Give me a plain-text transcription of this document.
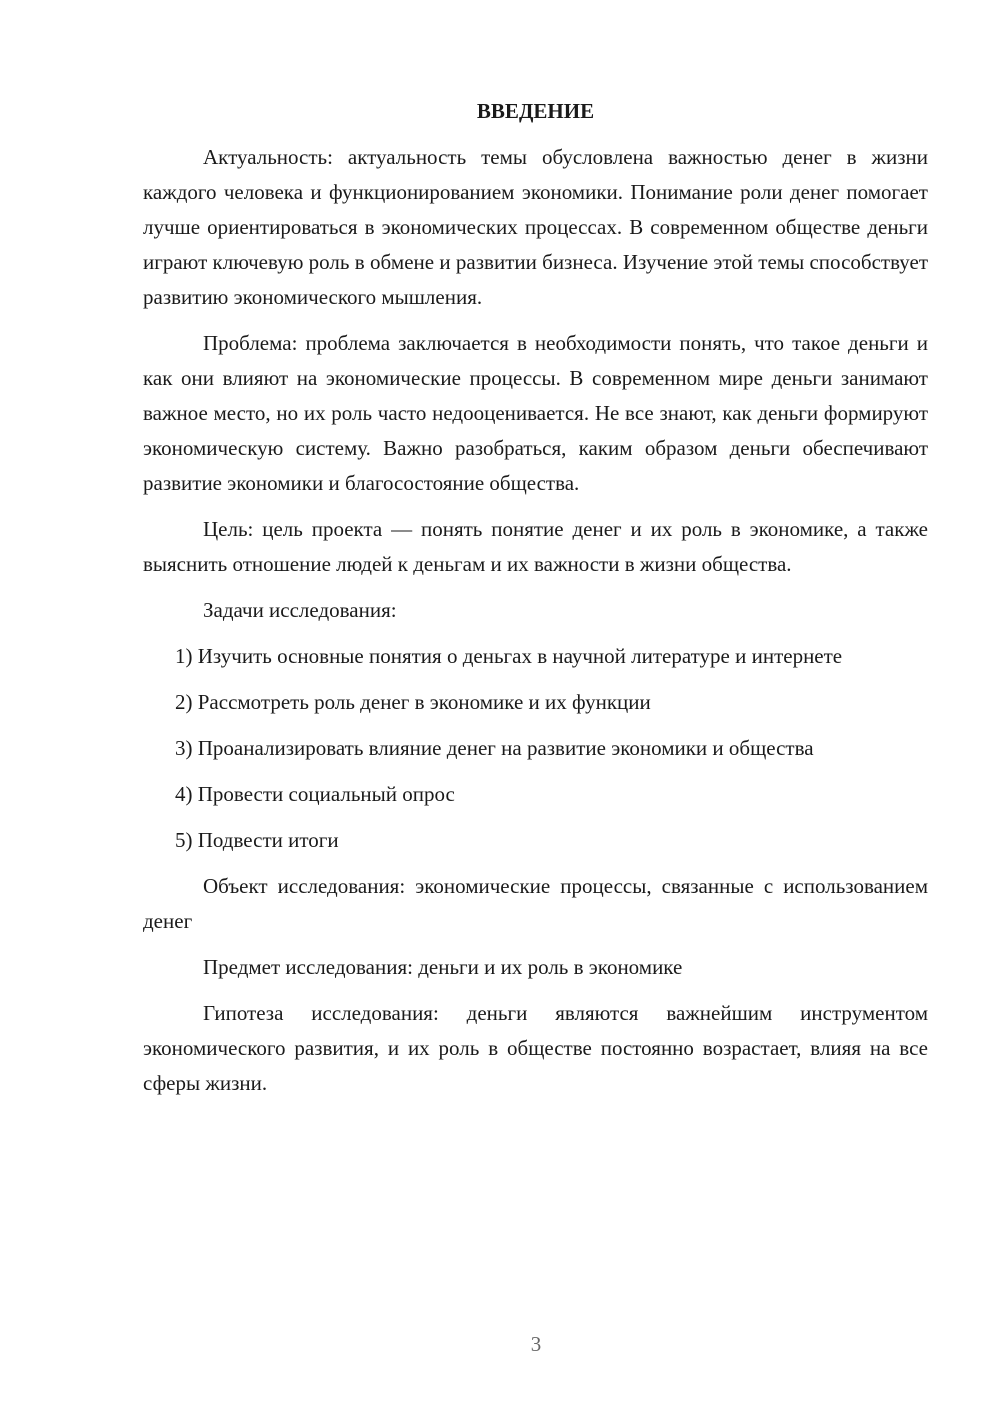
ВВЕДЕНИЕ

Актуальность: актуальность темы обусловлена важностью денег в жизни каждого человека и функционированием экономики. Понимание роли денег помогает лучше ориентироваться в экономических процессах. В современном обществе деньги играют ключевую роль в обмене и развитии бизнеса. Изучение этой темы способствует развитию экономического мышления.

Проблема: проблема заключается в необходимости понять, что такое деньги и как они влияют на экономические процессы. В современном мире деньги занимают важное место, но их роль часто недооценивается. Не все знают, как деньги формируют экономическую систему. Важно разобраться, каким образом деньги обеспечивают развитие экономики и благосостояние общества.

Цель: цель проекта — понять понятие денег и их роль в экономике, а также выяснить отношение людей к деньгам и их важности в жизни общества.

Задачи исследования:

1) Изучить основные понятия о деньгах в научной литературе и интернете

2) Рассмотреть роль денег в экономике и их функции

3) Проанализировать влияние денег на развитие экономики и общества

4) Провести социальный опрос

5) Подвести итоги

Объект исследования: экономические процессы, связанные с использованием денег

Предмет исследования: деньги и их роль в экономике

Гипотеза исследования: деньги являются важнейшим инструментом экономического развития, и их роль в обществе постоянно возрастает, влияя на все сферы жизни.

3
